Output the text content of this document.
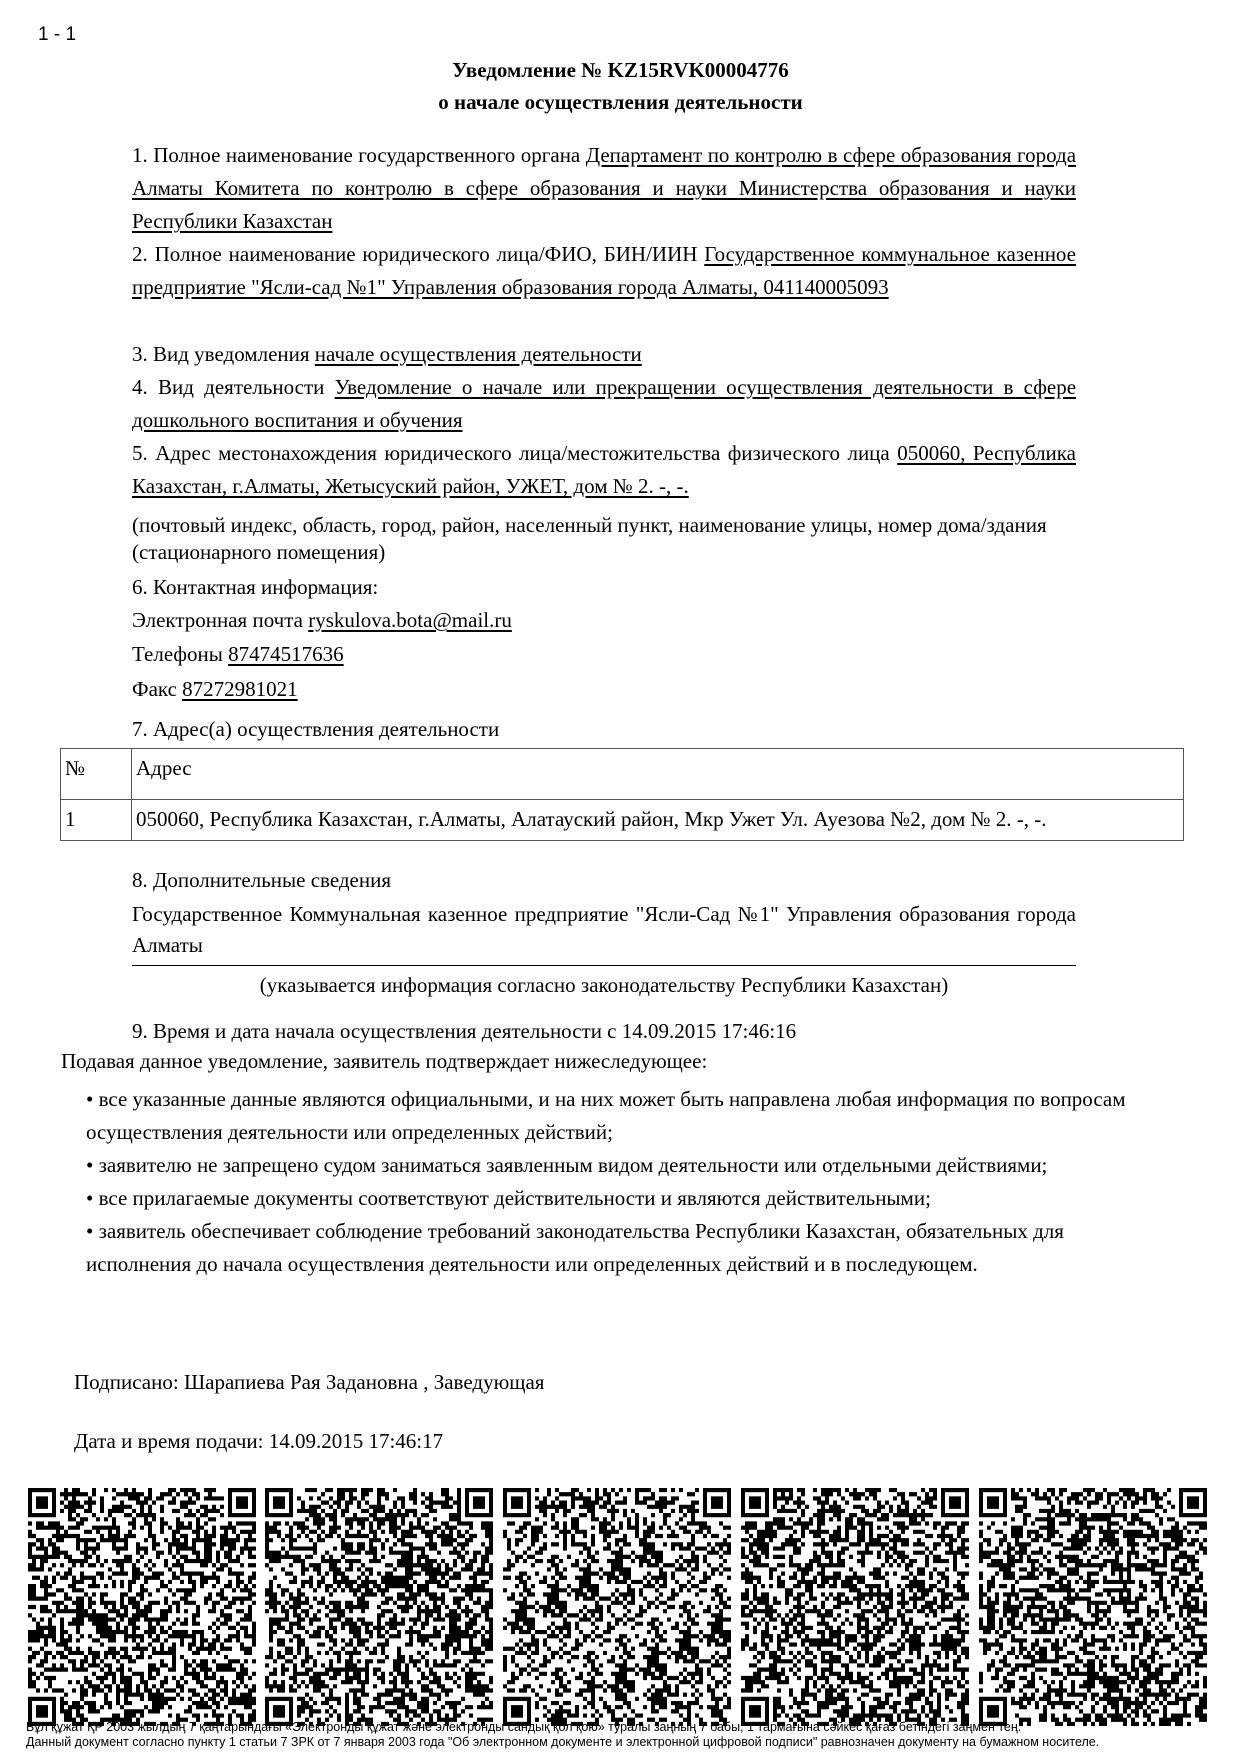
1 - 1
Уведомление № KZ15RVK00004776
о начале осуществления деятельности
1. Полное наименование государственного органа Департамент по контролю в сфере образования города Алматы Комитета по контролю в сфере образования и науки Министерства образования и науки Республики Казахстан
2. Полное наименование юридического лица/ФИО, БИН/ИИН Государственное коммунальное казенное предприятие "Ясли-сад №1" Управления образования города Алматы, 041140005093
3. Вид уведомления начале осуществления деятельности
4. Вид деятельности Уведомление о начале или прекращении осуществления деятельности в сфере дошкольного воспитания и обучения
5. Адрес местонахождения юридического лица/местожительства физического лица 050060, Республика Казахстан, г.Алматы, Жетысуский район, УЖЕТ, дом № 2. -, -.
(почтовый индекс, область, город, район, населенный пункт, наименование улицы, номер дома/здания (стационарного помещения)
6. Контактная информация:
Электронная почта ryskulova.bota@mail.ru
Телефоны 87474517636
Факс 87272981021
7. Адрес(а) осуществления деятельности
№	Адрес
1	050060, Республика Казахстан, г.Алматы, Алатауский район, Мкр Ужет Ул. Ауезова №2, дом № 2. -, -.
8. Дополнительные сведения
Государственное Коммунальная казенное предприятие "Ясли-Сад №1" Управления образования города Алматы
(указывается информация согласно законодательству Республики Казахстан)
9. Время и дата начала осуществления деятельности с 14.09.2015 17:46:16
Подавая данное уведомление, заявитель подтверждает нижеследующее:

• все указанные данные являются официальными, и на них может быть направлена любая информация по вопросам осуществления деятельности или определенных действий;

• заявителю не запрещено судом заниматься заявленным видом деятельности или отдельными действиями;

• все прилагаемые документы соответствуют действительности и являются действительными;

• заявитель обеспечивает соблюдение требований законодательства Республики Казахстан, обязательных для исполнения до начала осуществления деятельности или определенных действий и в последующем.

Подписано: Шарапиева Рая Задановна , Заведующая
Дата и время подачи: 14.09.2015 17:46:17
Бұл құжат ҚР 2003 жылдың 7 қаңтарындағы «Электронды құжат және электронды сандық қол қою» туралы заңның 7 бабы, 1 тармағына сәйкес қағаз бетіндегі заңмен тең.
Данный документ согласно пункту 1 статьи 7 ЗРК от 7 января 2003 года "Об электронном документе и электронной цифровой подписи" равнозначен документу на бумажном носителе.
